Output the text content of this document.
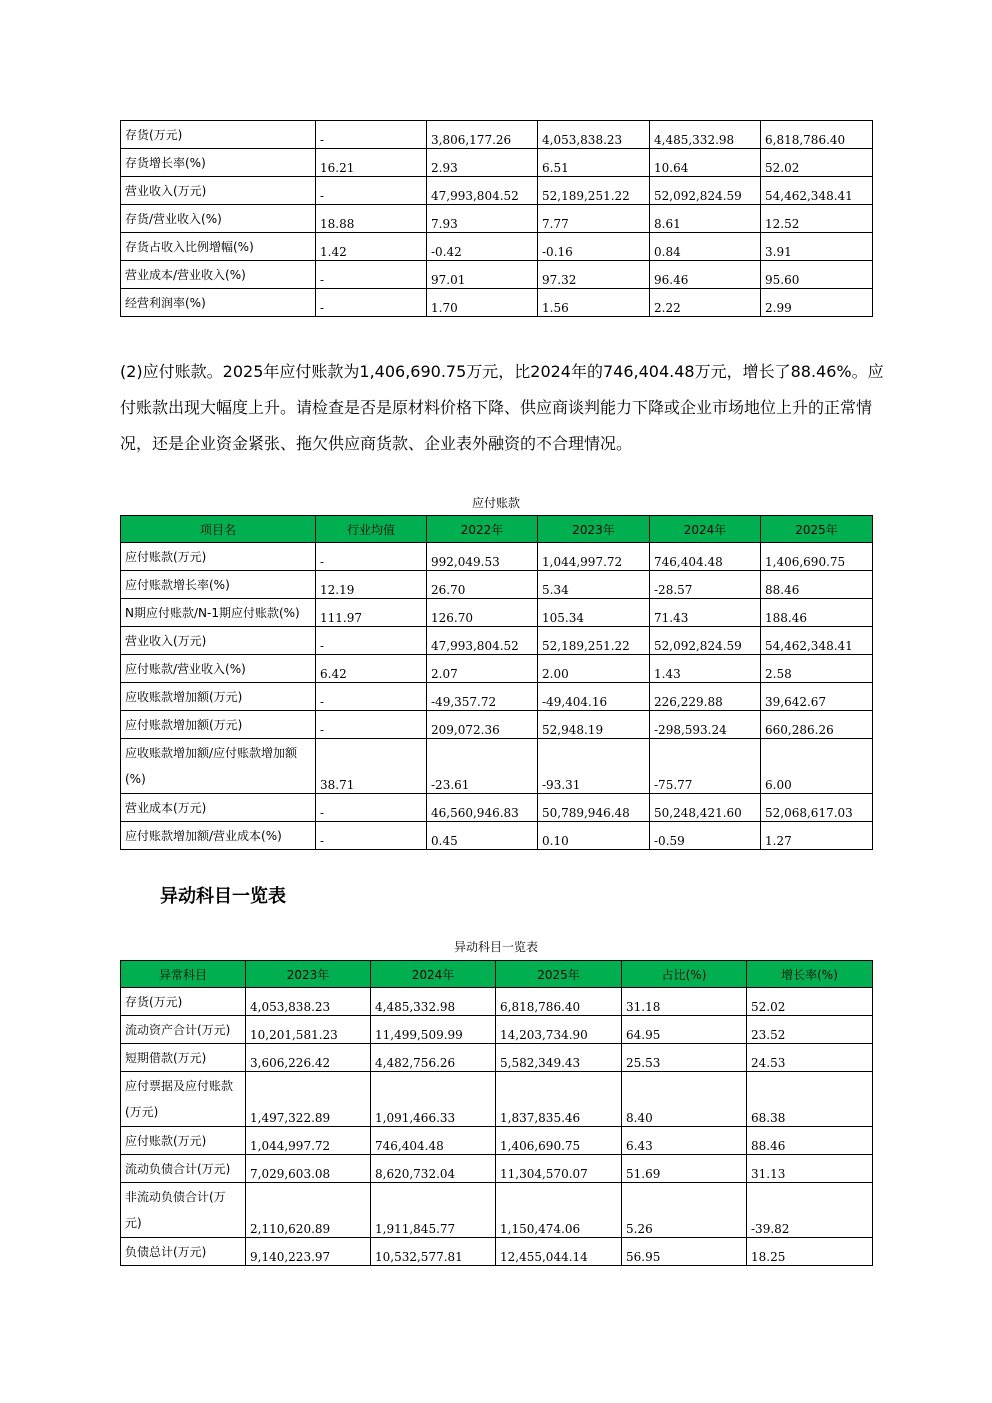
存货(万元)	-	3,806,177.26	4,053,838.23	4,485,332.98	6,818,786.40
存货增长率(%)	16.21	2.93	6.51	10.64	52.02
营业收入(万元)	-	47,993,804.52	52,189,251.22	52,092,824.59	54,462,348.41
存货/营业收入(%)	18.88	7.93	7.77	8.61	12.52
存货占收入比例增幅(%)	1.42	-0.42	-0.16	0.84	3.91
营业成本/营业收入(%)	-	97.01	97.32	96.46	95.60
经营利润率(%)	-	1.70	1.56	2.22	2.99

(2)应付账款。2025年应付账款为1,406,690.75万元，比2024年的746,404.48万元，增长了88.46%。应付账款出现大幅度上升。请检查是否是原材料价格下降、供应商谈判能力下降或企业市场地位上升的正常情况，还是企业资金紧张、拖欠供应商货款、企业表外融资的不合理情况。

应付账款
项目名	行业均值	2022年	2023年	2024年	2025年
应付账款(万元)	-	992,049.53	1,044,997.72	746,404.48	1,406,690.75
应付账款增长率(%)	12.19	26.70	5.34	-28.57	88.46
N期应付账款/N-1期应付账款(%)	111.97	126.70	105.34	71.43	188.46
营业收入(万元)	-	47,993,804.52	52,189,251.22	52,092,824.59	54,462,348.41
应付账款/营业收入(%)	6.42	2.07	2.00	1.43	2.58
应收账款增加额(万元)	-	-49,357.72	-49,404.16	226,229.88	39,642.67
应付账款增加额(万元)	-	209,072.36	52,948.19	-298,593.24	660,286.26
应收账款增加额/应付账款增加额(%)	38.71	-23.61	-93.31	-75.77	6.00
营业成本(万元)	-	46,560,946.83	50,789,946.48	50,248,421.60	52,068,617.03
应付账款增加额/营业成本(%)	-	0.45	0.10	-0.59	1.27
异动科目一览表
异动科目一览表
异常科目	2023年	2024年	2025年	占比(%)	增长率(%)
存货(万元)	4,053,838.23	4,485,332.98	6,818,786.40	31.18	52.02
流动资产合计(万元)	10,201,581.23	11,499,509.99	14,203,734.90	64.95	23.52
短期借款(万元)	3,606,226.42	4,482,756.26	5,582,349.43	25.53	24.53
应付票据及应付账款(万元)	1,497,322.89	1,091,466.33	1,837,835.46	8.40	68.38
应付账款(万元)	1,044,997.72	746,404.48	1,406,690.75	6.43	88.46
流动负债合计(万元)	7,029,603.08	8,620,732.04	11,304,570.07	51.69	31.13
非流动负债合计(万元)	2,110,620.89	1,911,845.77	1,150,474.06	5.26	-39.82
负债总计(万元)	9,140,223.97	10,532,577.81	12,455,044.14	56.95	18.25
